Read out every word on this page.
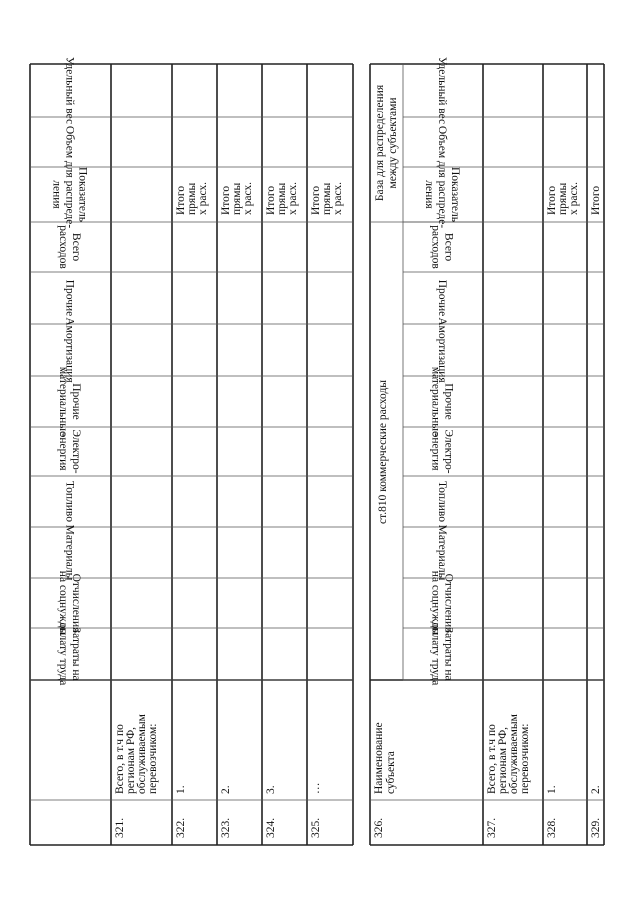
Удельный вес
Объем
Показатель
для распреде-
ления
Всего
расходов
Прочие
Амортизация
Прочие
материальные
Электро-
энергия
Топливо
Материалы
Отчисления
на соцнужды
Затраты на
оплату труда
321.
Всего, в т.ч по регионам РФ, обслуживаемым перевозчиком:
322.
1.
Итого прямы х расх.
323.
2.
Итого прямы х расх.
324.
3.
Итого прямы х расх.
325.
…
Итого прямы х расх.
ст.810 коммерческие расходы
База для распределения между субъектами
326.
Наименование субъекта
Удельный вес
Объем
Показатель
для распреде-
ления
Всего
расходов
Прочие
Амортизация
Прочие
материальные
Электро-
энергия
Топливо
Материалы
Отчисления
на соцнужды
Затраты на
оплату труда
327.
Всего, в т.ч по регионам РФ, обслуживаемым перевозчиком:
328.
1.
Итого прямы х расх.
329.
2.
Итого
